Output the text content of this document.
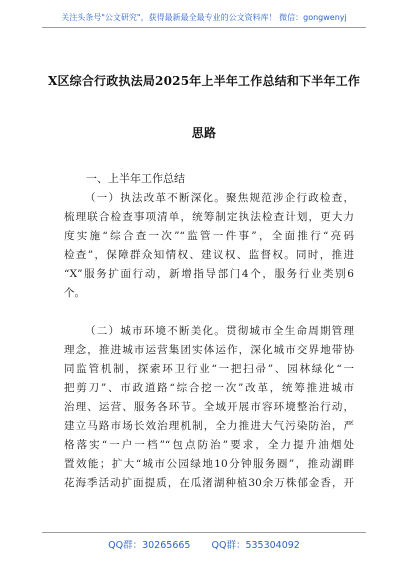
关注头条号"公文研究"，获得最新最全最专业的公文资料库！ 微信：gongwenyj
X区综合行政执法局2025年上半年工作总结和下半年工作
思路
一、上半年工作总结
（一）执法改革不断深化。聚焦规范涉企行政检查，
梳理联合检查事项清单，统筹制定执法检查计划，更大力
度实施“综合查一次”“监管一件事”，全面推行“亮码
检查”，保障群众知情权、建议权、监督权。同时，推进
“X”服务扩面行动，新增指导部门4个，服务行业类别6
个。
（二）城市环境不断美化。贯彻城市全生命周期管理
理念，推进城市运营集团实体运作，深化城市交界地带协
同监管机制，探索环卫行业“一把扫帚”、园林绿化“一
把剪刀”、市政道路“综合挖一次”改革，统筹推进城市
治理、运营、服务各环节。全域开展市容环境整治行动，
建立马路市场长效治理机制，全力推进大气污染防治，严
格落实“一户一档”“包点防治”要求，全力提升油烟处
置效能；扩大“城市公园绿地10分钟服务圈”，推动湖畔
花海季活动扩面提质，在瓜渚湖种植30余万株郁金香，开
QQ群：30265665 QQ群：535304092
